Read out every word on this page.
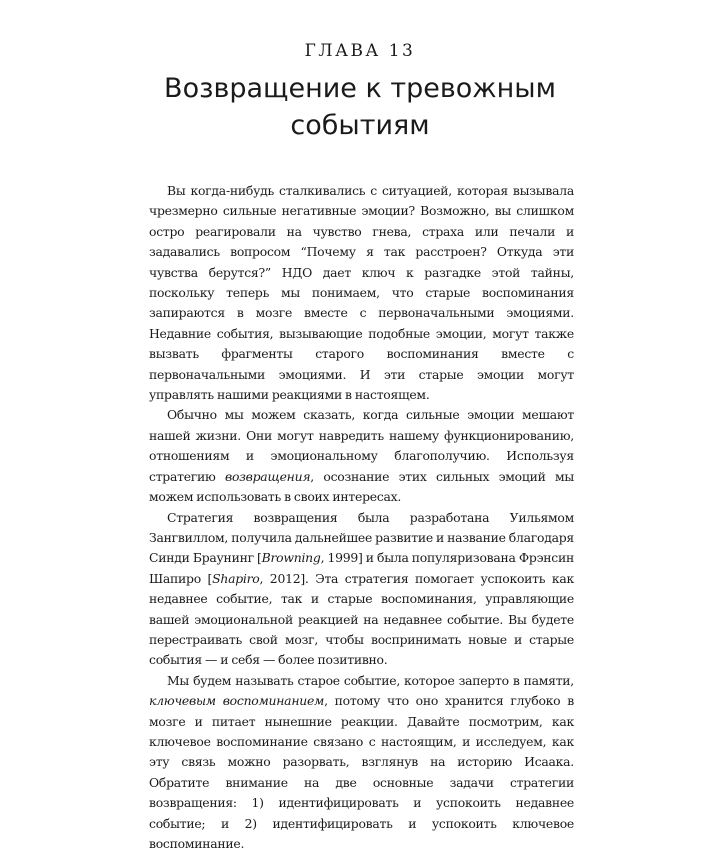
ГЛАВА 13
Возвращение к тревожным событиям

Вы когда-нибудь сталкивались с ситуацией, которая вызывала чрезмерно сильные негативные эмоции? Возможно, вы слишком остро реагировали на чувство гнева, страха или печали и задавались вопросом “Почему я так расстроен? Откуда эти чувства берутся?” НДО дает ключ к разгадке этой тайны, поскольку теперь мы понимаем, что старые воспоминания запираются в мозге вместе с первоначальными эмоциями. Недавние события, вызывающие подобные эмоции, могут также вызвать фрагменты старого воспоминания вместе с первоначальными эмоциями. И эти старые эмоции могут управлять нашими реакциями в настоящем.

Обычно мы можем сказать, когда сильные эмоции мешают нашей жизни. Они могут навредить нашему функционированию, отношениям и эмоциональному благополучию. Используя стратегию возвращения, осознание этих сильных эмоций мы можем использовать в своих интересах.

Стратегия возвращения была разработана Уильямом Зангвиллом, получила дальнейшее развитие и название благодаря Синди Браунинг [Browning, 1999] и была популяризована Фрэнсин Шапиро [Shapiro, 2012]. Эта стратегия помогает успокоить как недавнее событие, так и старые воспоминания, управляющие вашей эмоциональной реакцией на недавнее событие. Вы будете перестраивать свой мозг, чтобы воспринимать новые и старые события — и себя — более позитивно.

Мы будем называть старое событие, которое заперто в памяти, ключевым воспоминанием, потому что оно хранится глубоко в мозге и питает нынешние реакции. Давайте посмотрим, как ключевое воспоминание связано с настоящим, и исследуем, как эту связь можно разорвать, взглянув на историю Исаака. Обратите внимание на две основные задачи стратегии возвращения: 1) идентифицировать и успокоить недавнее событие; и 2) идентифицировать и успокоить ключевое воспоминание.
